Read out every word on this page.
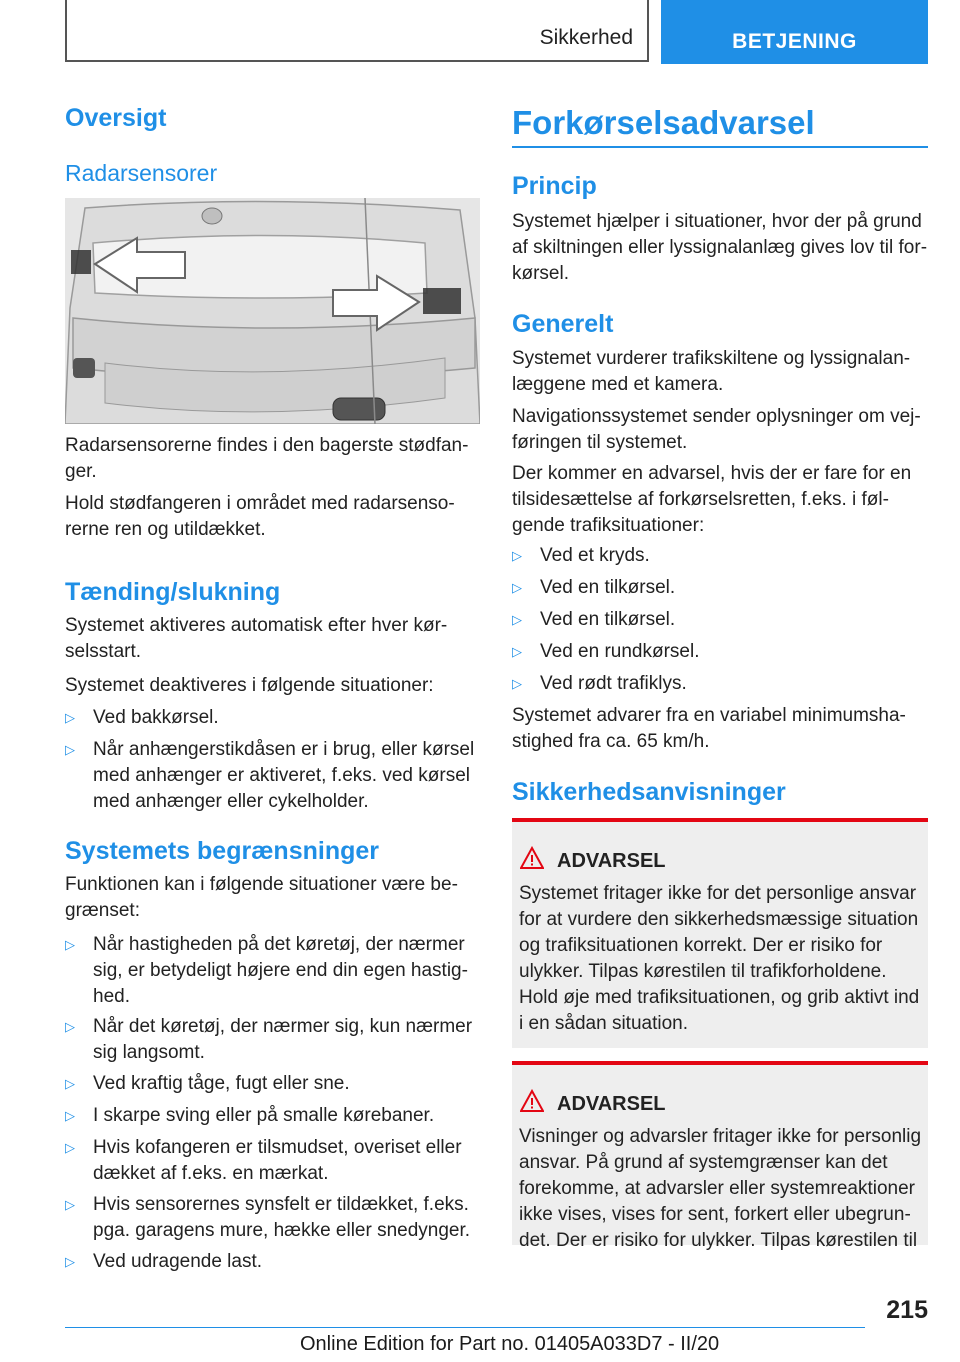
Sikkerhed	BETJENING
Oversigt
Radarsensorer

Radarsensorerne findes i den bagerste stødfanger.

Hold stødfangeren i området med radarsensorerne ren og utildækket.

Tænding/slukning

Systemet aktiveres automatisk efter hver kørselsstart.

Systemet deaktiveres i følgende situationer:

▷ Ved bakkørsel.
▷ Når anhængerstikdåsen er i brug, eller kørsel med anhænger er aktiveret, f.eks. ved kørsel med anhænger eller cykelholder.
Systemets begrænsninger

Funktionen kan i følgende situationer være begrænset:

▷ Når hastigheden på det køretøj, der nærmer sig, er betydeligt højere end din egen hastighed.
▷ Når det køretøj, der nærmer sig, kun nærmer sig langsomt.
▷ Ved kraftig tåge, fugt eller sne.
▷ I skarpe sving eller på smalle kørebaner.
▷ Hvis kofangeren er tilsmudset, overiset eller dækket af f.eks. en mærkat.
▷ Hvis sensorernes synsfelt er tildækket, f.eks. pga. garagens mure, hække eller snedynger.
▷ Ved udragende last.
Forkørselsadvarsel
Princip

Systemet hjælper i situationer, hvor der på grund af skiltningen eller lyssignalanlæg gives lov til forkørsel.

Generelt

Systemet vurderer trafikskiltene og lyssignalanlæggene med et kamera.

Navigationssystemet sender oplysninger om vejføringen til systemet.

Der kommer en advarsel, hvis der er fare for en tilsidesættelse af forkørselsretten, f.eks. i følgende trafiksituationer:

▷ Ved et kryds.
▷ Ved en tilkørsel.
▷ Ved en tilkørsel.
▷ Ved en rundkørsel.
▷ Ved rødt trafiklys.

Systemet advarer fra en variabel minimumshastighed fra ca. 65 km/h.

Sikkerhedsanvisninger
ADVARSEL

Systemet fritager ikke for det personlige ansvar for at vurdere den sikkerhedsmæssige situation og trafiksituationen korrekt. Der er risiko for ulykker. Tilpas kørestilen til trafikforholdene. Hold øje med trafiksituationen, og grib aktivt ind i en sådan situation.

ADVARSEL

Visninger og advarsler fritager ikke for personlig ansvar. På grund af systemgrænser kan det forekomme, at advarsler eller systemreaktioner ikke vises, vises for sent, forkert eller ubegrundet. Der er risiko for ulykker. Tilpas kørestilen til

215
Online Edition for Part no. 01405A033D7 - II/20
